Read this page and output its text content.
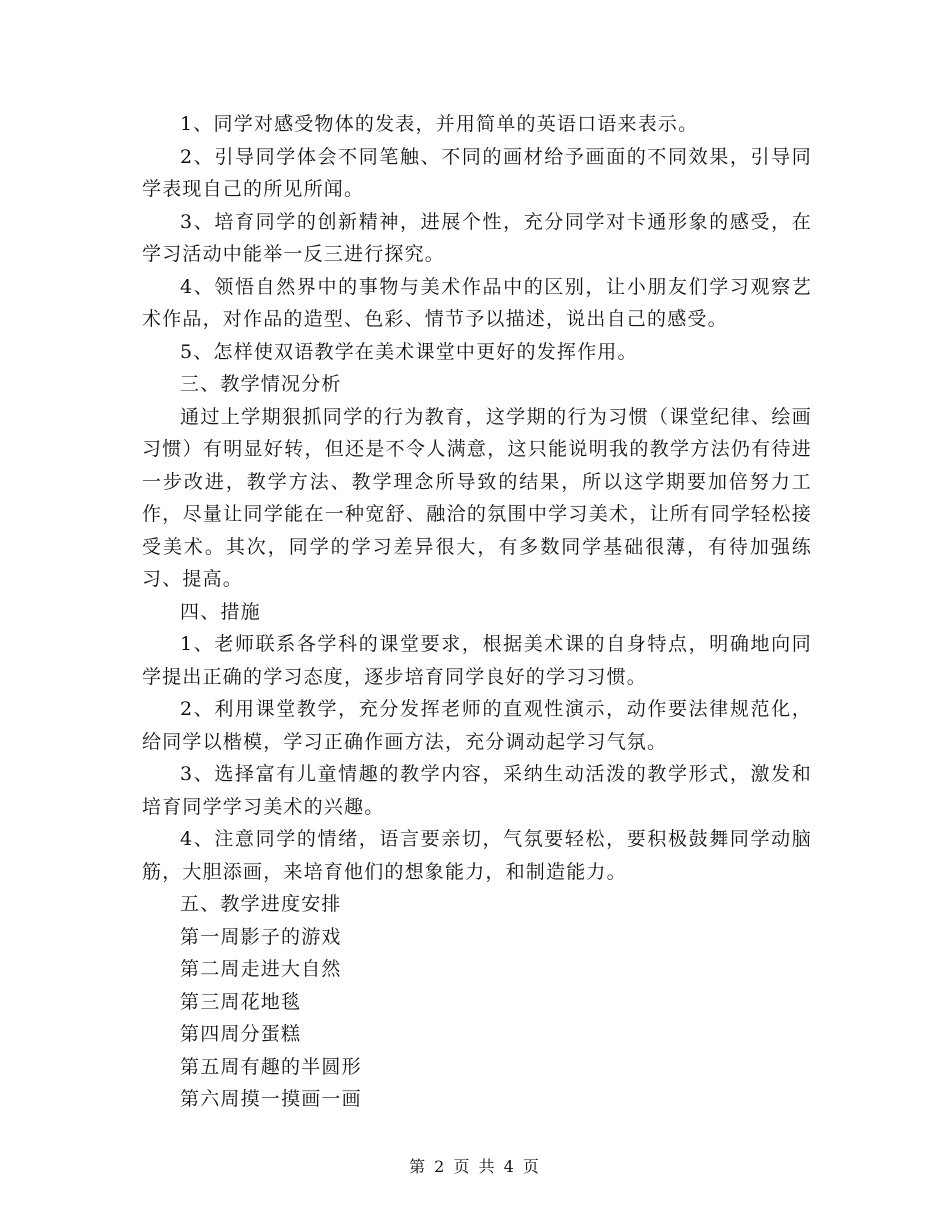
1、同学对感受物体的发表，并用简单的英语口语来表示。

2、引导同学体会不同笔触、不同的画材给予画面的不同效果，引导同学表现自己的所见所闻。

3、培育同学的创新精神，进展个性，充分同学对卡通形象的感受，在学习活动中能举一反三进行探究。

4、领悟自然界中的事物与美术作品中的区别，让小朋友们学习观察艺术作品，对作品的造型、色彩、情节予以描述，说出自己的感受。

5、怎样使双语教学在美术课堂中更好的发挥作用。

三、教学情况分析

通过上学期狠抓同学的行为教育，这学期的行为习惯（课堂纪律、绘画习惯）有明显好转，但还是不令人满意，这只能说明我的教学方法仍有待进一步改进，教学方法、教学理念所导致的结果，所以这学期要加倍努力工作，尽量让同学能在一种宽舒、融洽的氛围中学习美术，让所有同学轻松接受美术。其次，同学的学习差异很大，有多数同学基础很薄，有待加强练习、提高。

四、措施

1、老师联系各学科的课堂要求，根据美术课的自身特点，明确地向同学提出正确的学习态度，逐步培育同学良好的学习习惯。

2、利用课堂教学，充分发挥老师的直观性演示，动作要法律规范化，给同学以楷模，学习正确作画方法，充分调动起学习气氛。

3、选择富有儿童情趣的教学内容，采纳生动活泼的教学形式，激发和培育同学学习美术的兴趣。

4、注意同学的情绪，语言要亲切，气氛要轻松，要积极鼓舞同学动脑筋，大胆添画，来培育他们的想象能力，和制造能力。

五、教学进度安排

第一周影子的游戏

第二周走进大自然

第三周花地毯

第四周分蛋糕

第五周有趣的半圆形

第六周摸一摸画一画

第 2 页 共 4 页
